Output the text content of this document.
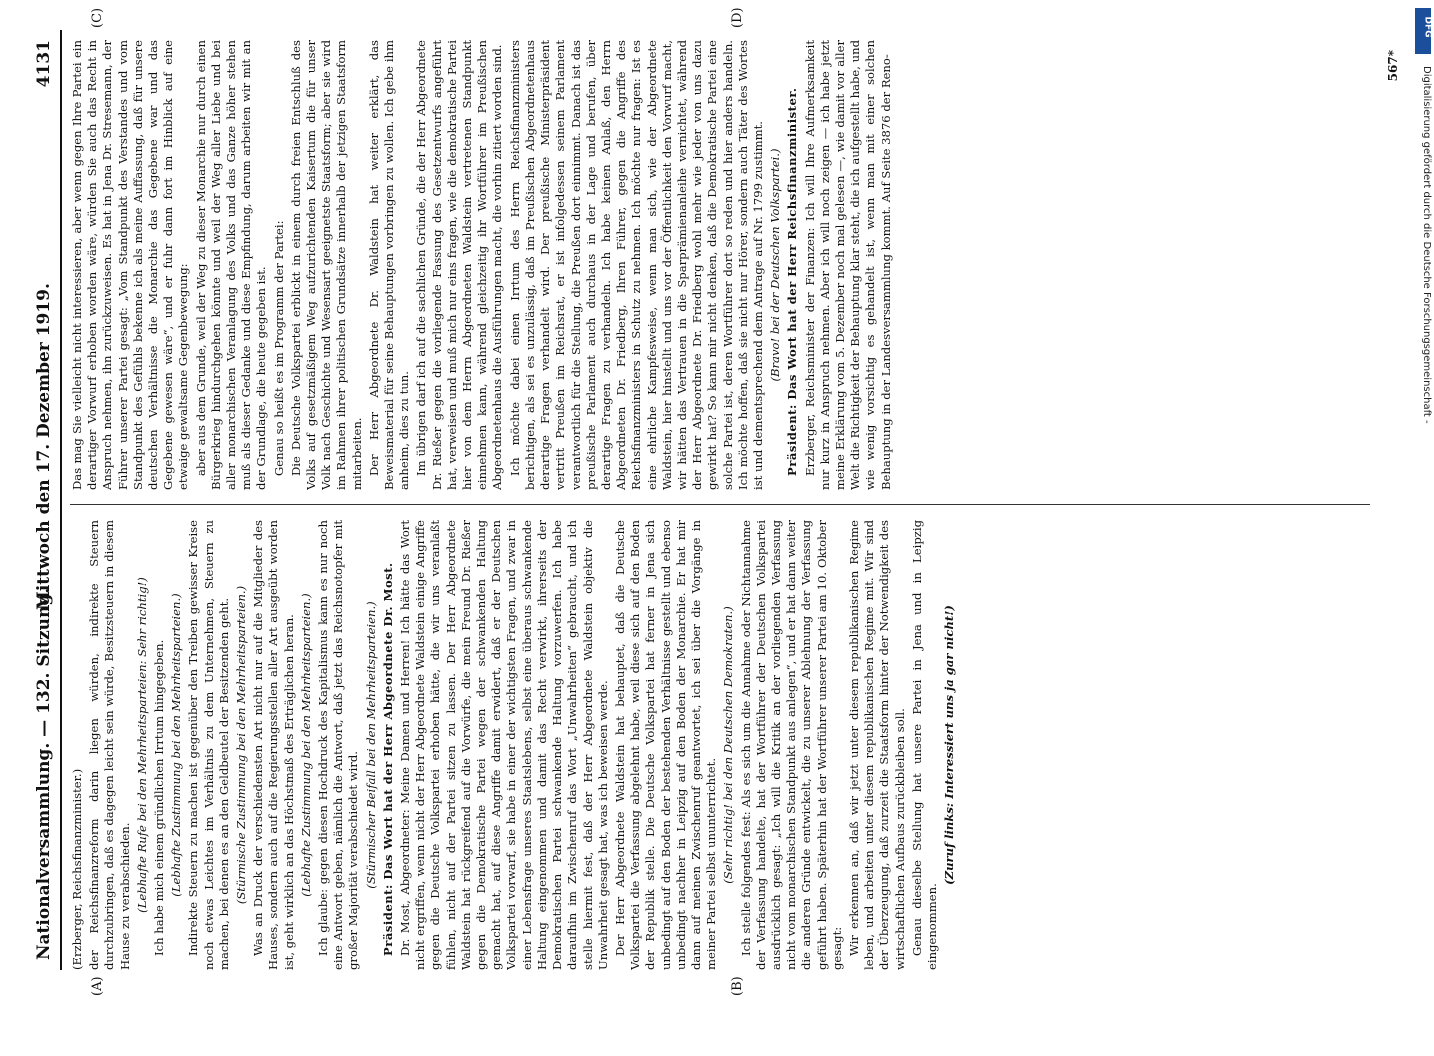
Nationalversammlung. — 132. Sitzung.
Mittwoch den 17. Dezember 1919.
4131

(Erzberger, Reichsfinanzminister.) der Reichsfinanzreform darin liegen würden, indirekte Steuern durchzubringen, daß es dagegen leicht sein würde, Besitzsteuern in diesem Hause zu verabschieden. (Lebhafte Rufe bei den Mehrheitsparteien: Sehr richtig!) Ich habe mich einem gründlichen Irrtum hingegeben. (Lebhafte Zustimmung bei den Mehrheitsparteien.) Indirekte Steuern zu machen ist gegenüber den Treiben gewisser Kreise noch etwas Leichtes im Verhältnis zu dem Unternehmen, Steuern zu machen, bei denen es an den Geldbeutel der Besitzenden geht. (Stürmische Zustimmung bei den Mehrheitsparteien.) Was an Druck der verschiedensten Art nicht nur auf die Mitglieder des Hauses, sondern auch auf die Regierungsstellen aller Art ausgeübt worden ist, geht wirklich an das Höchstmaß des Erträglichen heran. (Lebhafte Zustimmung bei den Mehrheitsparteien.) Ich glaube: gegen diesen Hochdruck des Kapitalismus kann es nur noch eine Antwort geben, nämlich die Antwort, daß jetzt das Reichsnotopfer mit großer Majorität verabschiedet wird. (Stürmischer Beifall bei den Mehrheitsparteien.) Präsident: Das Wort hat der Herr Abgeordnete Dr. Most. Dr. Most, Abgeordneter: Meine Damen und Herren! Ich hätte das Wort nicht ergriffen, wenn nicht der Herr Abgeordnete Waldstein einige Angriffe gegen die Deutsche Volkspartei erhoben hätte, die wir uns veranlaßt fühlen, nicht auf der Partei sitzen zu lassen. Der Herr Abgeordnete Waldstein hat rückgreifend auf die Vorwürfe, die mein Freund Dr. Rießer gegen die Demokratische Partei wegen der schwankenden Haltung gemacht hat, auf diese Angriffe damit erwidert, daß er der Deutschen Volkspartei vorwarf, sie habe in einer der wichtigsten Fragen, und zwar in einer Lebensfrage unseres Staatslebens, selbst eine überaus schwankende Haltung eingenommen und damit das Recht verwirkt, ihrerseits der Demokratischen Partei schwankende Haltung vorzuwerfen. Ich habe daraufhin im Zwischenruf das Wort „Unwahrheiten“ gebraucht, und ich stelle hiermit fest, daß der Herr Abgeordnete Waldstein objektiv die Unwahrheit gesagt hat, was ich beweisen werde. Der Herr Abgeordnete Waldstein hat behauptet, daß die Deutsche Volkspartei die Verfassung abgelehnt habe, weil diese sich auf den Boden der Republik stelle. Die Deutsche Volkspartei hat ferner in Jena sich unbedingt auf den Boden der bestehenden Verhältnisse gestellt und ebenso unbedingt nachher in Leipzig auf den Boden der Monarchie. Er hat mir dann auf meinen Zwischenruf geantwortet, ich sei über die Vorgänge in meiner Partei selbst ununterrichtet. (Sehr richtig! bei den Deutschen Demokraten.) Ich stelle folgendes fest: Als es sich um die Annahme oder Nichtannahme der Verfassung handelte, hat der Wortführer der Deutschen Volkspartei ausdrücklich gesagt: „Ich will die Kritik an der vorliegenden Verfassung nicht vom monarchischen Standpunkt aus anlegen“, und er hat dann weiter die anderen Gründe entwickelt, die zu unserer Ablehnung der Verfassung geführt haben. Späterhin hat der Wortführer unserer Partei am 10. Oktober gesagt: Wir erkennen an, daß wir jetzt unter diesem republikanischen Regime leben, und arbeiten unter diesem republikanischen Regime mit. Wir sind der Überzeugung, daß zurzeit die Staatsform hinter der Notwendigkeit des wirtschaftlichen Aufbaus zurückbleiben soll. Genau dieselbe Stellung hat unsere Partei in Jena und in Leipzig eingenommen.

(Zuruf links: Interessiert uns ja gar nicht!)

Das mag Sie vielleicht nicht interessieren, aber wenn gegen Ihre Partei ein derartiger Vorwurf erhoben worden wäre, würden Sie auch das Recht in Anspruch nehmen, ihn zurückzuweisen. Es hat in Jena Dr. Stresemann, der Führer unserer Partei gesagt: „Vom Standpunkt des Verstandes und vom Standpunkt des Gefühls bekenne ich als meine Auffassung, daß für unsere deutschen Verhältnisse die Monarchie das Gegebene war und das Gegebene gewesen wäre“, und er fuhr dann fort im Hinblick auf eine etwaige gewaltsame Gegenbewegung: aber aus dem Grunde, weil der Weg zu dieser Monarchie nur durch einen Bürgerkrieg hindurchgehen könnte und weil der Weg aller Liebe und bei aller monarchischen Veranlagung des Volks und das Ganze höher stehen muß als dieser Gedanke und diese Empfindung, darum arbeiten wir mit an der Grundlage, die heute gegeben ist. Genau so heißt es im Programm der Partei: Die Deutsche Volkspartei erblickt in einem durch freien Entschluß des Volks auf gesetzmäßigem Weg aufzurichtenden Kaisertum die für unser Volk nach Geschichte und Wesensart geeignetste Staatsform; aber sie wird im Rahmen ihrer politischen Grundsätze innerhalb der jetzigen Staatsform mitarbeiten. Der Herr Abgeordnete Dr. Waldstein hat weiter erklärt, das Beweismaterial für seine Behauptungen vorbringen zu wollen. Ich gebe ihm anheim, dies zu tun. Im übrigen darf ich auf die sachlichen Gründe, die der Herr Abgeordnete Dr. Rießer gegen die vorliegende Fassung des Gesetzentwurfs angeführt hat, verweisen und muß mich nur eins fragen, wie die demokratische Partei hier von dem Herrn Abgeordneten Waldstein vertretenen Standpunkt einnehmen kann, während gleichzeitig ihr Wortführer im Preußischen Abgeordnetenhaus die Ausführungen macht, die vorhin zitiert worden sind. Ich möchte dabei einen Irrtum des Herrn Reichsfinanzministers berichtigen, als sei es unzulässig, daß im Preußischen Abgeordnetenhaus derartige Fragen verhandelt wird. Der preußische Ministerpräsident vertritt Preußen im Reichsrat, er ist infolgedessen seinem Parlament verantwortlich für die Stellung, die Preußen dort einnimmt. Danach ist das preußische Parlament auch durchaus in der Lage und berufen, über derartige Fragen zu verhandeln. Ich habe keinen Anlaß, den Herrn Abgeordneten Dr. Friedberg, Ihren Führer, gegen die Angriffe des Reichsfinanzministers in Schutz zu nehmen. Ich möchte nur fragen: Ist es eine ehrliche Kampfesweise, wenn man sich, wie der Abgeordnete Waldstein, hier hinstellt und uns vor der Öffentlichkeit den Vorwurf macht, wir hätten das Vertrauen in die Sparprämienanleihe vernichtet, während der Herr Abgeordnete Dr. Friedberg wohl mehr wie jeder von uns dazu gewirkt hat? So kann mir nicht denken, daß die Demokratische Partei eine solche Partei ist, deren Wortführer dort so reden und hier anders handeln. Ich möchte hoffen, daß sie nicht nur Hörer, sondern auch Täter des Wortes ist und dementsprechend dem Antrage auf Nr. 1799 zustimmt. (Bravo! bei der Deutschen Volkspartei.) Präsident: Das Wort hat der Herr Reichsfinanzminister. Erzberger, Reichsminister der Finanzen: Ich will Ihre Aufmerksamkeit nur kurz in Anspruch nehmen. Aber ich will noch zeigen — ich habe jetzt meine Erklärung vom 5. Dezember noch mal gelesen —, wie damit vor aller Welt die Richtigkeit der Behauptung klar steht, die ich aufgestellt habe, und wie wenig vorsichtig es gehandelt ist, wenn man mit einer solchen Behauptung in der Landesversammlung kommt. Auf Seite 3876 der Reno-

(A)	(B)
(C)	(D)
567*
DFG
Digitalisierung gefördert durch die Deutsche Forschungsgemeinschaft -
